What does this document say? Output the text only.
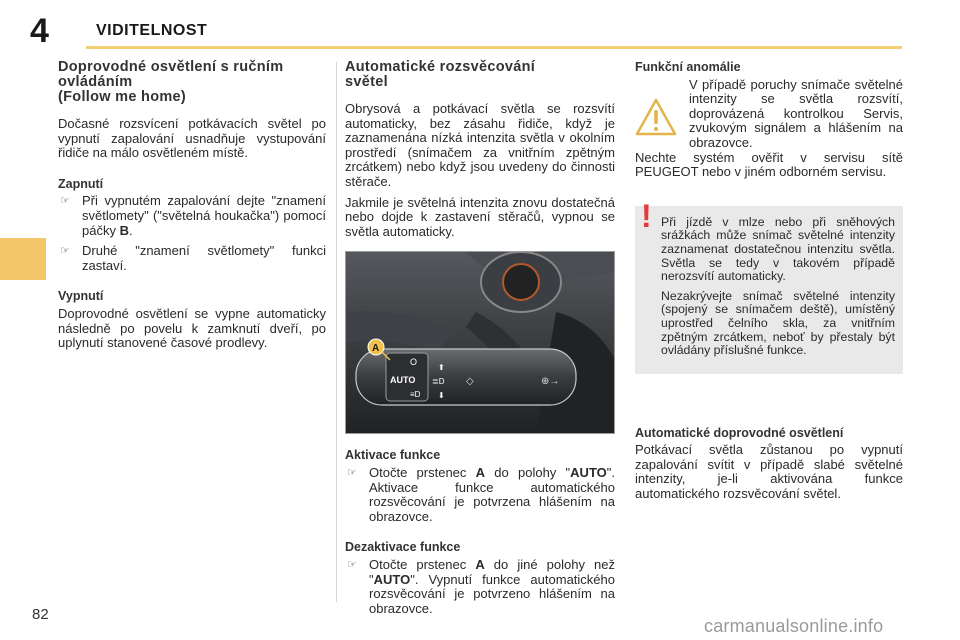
4	VIDITELNOST
Doprovodné osvětlení s ručním
ovládáním
(Follow me home)

Dočasné rozsvícení potkávacích světel po vypnutí zapalování usnadňuje vystupování řidiče na málo osvětleném místě.

Zapnutí
☞ Při vypnutém zapalování dejte "znamení světlomety" ("světelná houkačka") pomocí páčky B.
☞ Druhé "znamení světlomety" funkci zastaví.
Vypnutí

Doprovodné osvětlení se vypne automaticky následně po povelu k zamknutí dveří, po uplynutí stanovené časové prodlevy.

Automatické rozsvěcování
světel

Obrysová a potkávací světla se rozsvítí automaticky, bez zásahu řidiče, když je zaznamenána nízká intenzita světla v okolním prostředí (snímačem za vnitřním zpětným zrcátkem) nebo když jsou uvedeny do činnosti stěrače.

Jakmile je světelná intenzita znovu dostatečná nebo dojde k zastavení stěračů, vypnou se světla automaticky.

AUTO
O
≡D
⬆
≣D
⬇
◇	⊕→
A
Aktivace funkce
☞ Otočte prstenec A do polohy "AUTO". Aktivace funkce automatického rozsvěcování je potvrzena hlášením na obrazovce.
Dezaktivace funkce
☞ Otočte prstenec A do jiné polohy než "AUTO". Vypnutí funkce automatického rozsvěcování je potvrzeno hlášením na obrazovce.
Funkční anomálie

V případě poruchy snímače světelné intenzity se světla rozsvítí, doprovázená kontrolkou Servis, zvukovým signálem a hlášením na obrazovce.

Nechte systém ověřit v servisu sítě PEUGEOT nebo v jiném odborném servisu.

! Při jízdě v mlze nebo při sněhových srážkách může snímač světelné intenzity zaznamenat dostatečnou intenzitu světla. Světla se tedy v takovém případě nerozsvítí automaticky.

Nezakrývejte snímač světelné intenzity (spojený se snímačem deště), umístěný uprostřed čelního skla, za vnitřním zpětným zrcátkem, neboť by přestaly být ovládány příslušné funkce.

Automatické doprovodné osvětlení

Potkávací světla zůstanou po vypnutí zapalování svítit v případě slabé světelné intenzity, je-li aktivována funkce automatického rozsvěcování světel.

82
carmanualsonline.info
